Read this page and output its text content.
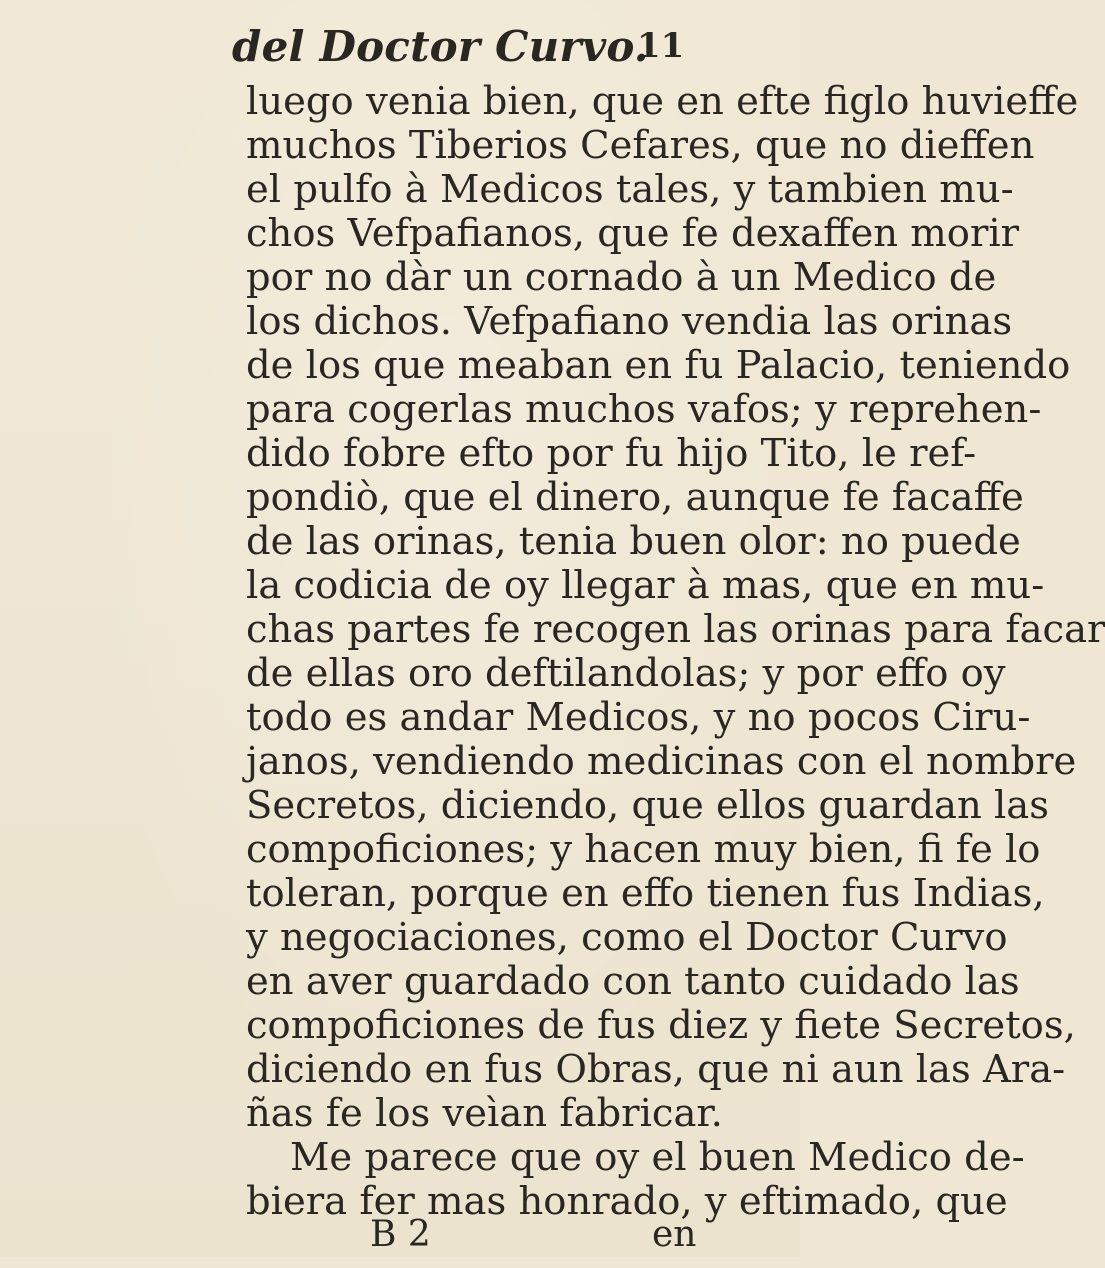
del Doctor Curvo.
11
luego venia bien, que en efte figlo huvieffe
muchos Tiberios Cefares, que no dieffen
el pulfo à Medicos tales, y tambien mu-
chos Vefpafianos, que fe dexaffen morir
por no dàr un cornado à un Medico de
los dichos. Vefpafiano vendia las orinas
de los que meaban en fu Palacio, teniendo
para cogerlas muchos vafos; y reprehen-
dido fobre efto por fu hijo Tito, le ref-
pondiò, que el dinero, aunque fe facaffe
de las orinas, tenia buen olor: no puede
la codicia de oy llegar à mas, que en mu-
chas partes fe recogen las orinas para facar
de ellas oro deftilandolas; y por effo oy
todo es andar Medicos, y no pocos Ciru-
janos, vendiendo medicinas con el nombre
Secretos, diciendo, que ellos guardan las
compoficiones; y hacen muy bien, fi fe lo
toleran, porque en effo tienen fus Indias,
y negociaciones, como el Doctor Curvo
en aver guardado con tanto cuidado las
compoficiones de fus diez y fiete Secretos,
diciendo en fus Obras, que ni aun las Ara-
ñas fe los veìan fabricar.
Me parece que oy el buen Medico de-
biera fer mas honrado, y eftimado, que
B 2	en
